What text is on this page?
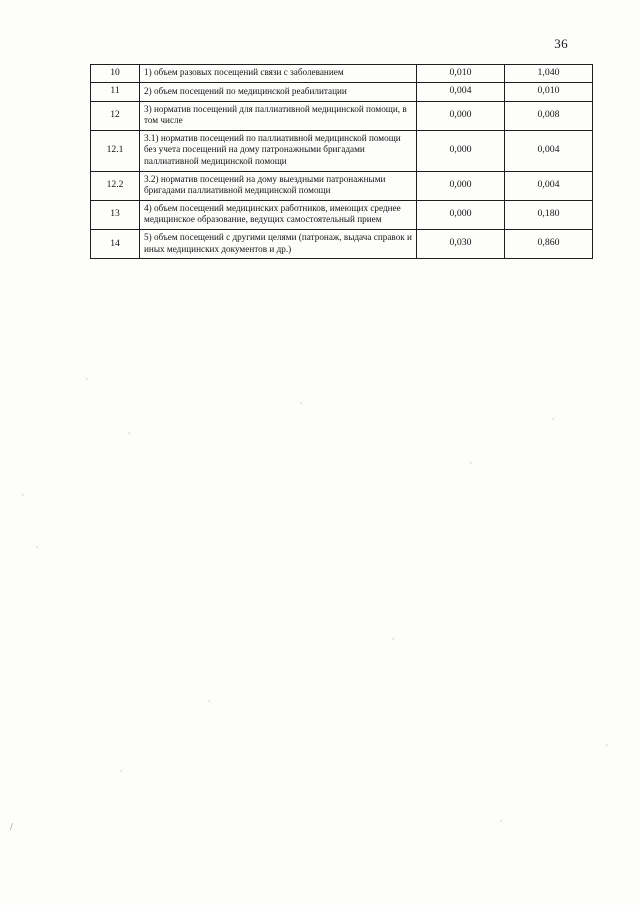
36
10	1) объем разовых посещений связи с заболеванием	0,010	1,040
11	2) объем посещений по медицинской реабилитации	0,004	0,010
12	3) норматив посещений для паллиативной медицинской помощи, в том числе	0,000	0,008
12.1	3.1) норматив посещений по паллиативной медицинской помощи без учета посещений на дому патронажными бригадами паллиативной медицинской помощи	0,000	0,004
12.2	3.2) норматив посещений на дому выездными патронажными бригадами паллиативной медицинской помощи	0,000	0,004
13	4) объем посещений медицинских работников, имеющих среднее медицинское образование, ведущих самостоятельный прием	0,000	0,180
14	5) объем посещений с другими целями (патронаж, выдача справок и иных медицинских документов и др.)	0,030	0,860
/
